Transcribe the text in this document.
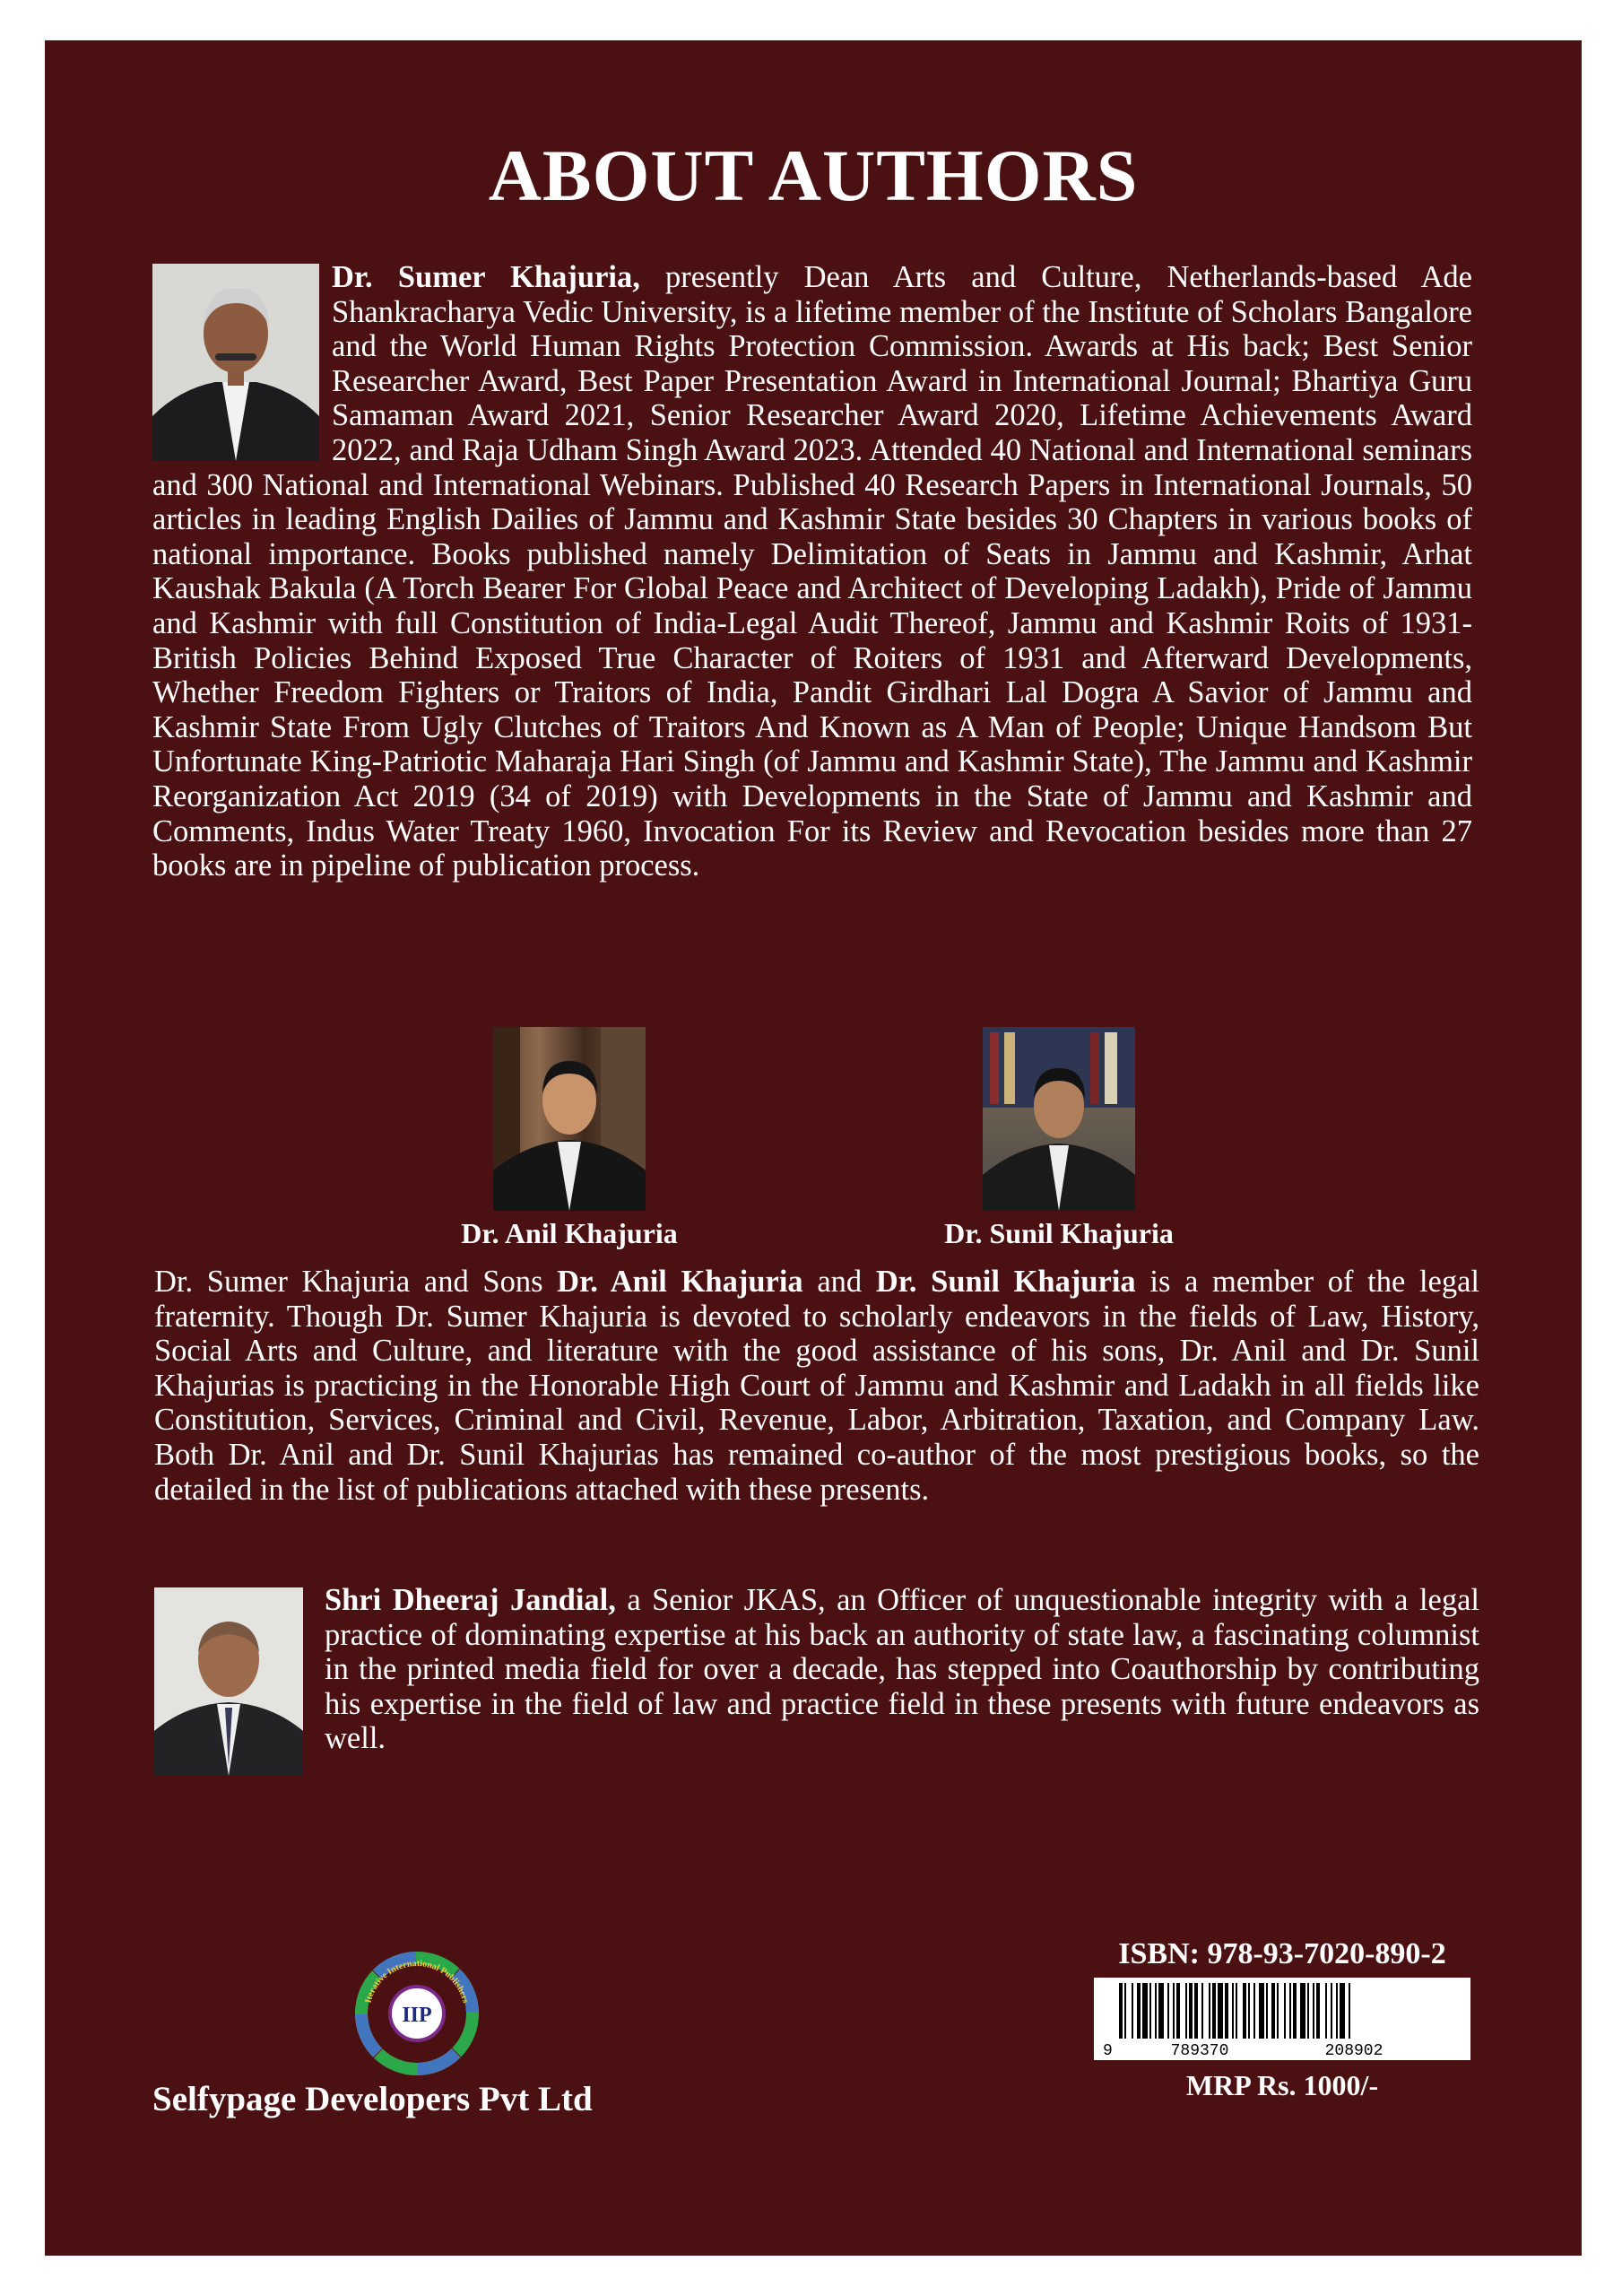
ABOUT AUTHORS

Dr. Sumer Khajuria, presently Dean Arts and Culture, Netherlands-based Ade Shankracharya Vedic University, is a lifetime member of the Institute of Scholars Bangalore and the World Human Rights Protection Commission. Awards at His back; Best Senior Researcher Award, Best Paper Presentation Award in International Journal; Bhartiya Guru Samaman Award 2021, Senior Researcher Award 2020, Lifetime Achievements Award 2022, and Raja Udham Singh Award 2023. Attended 40 National and International seminars and 300 National and International Webinars. Published 40 Research Papers in International Journals, 50 articles in leading English Dailies of Jammu and Kashmir State besides 30 Chapters in various books of national importance. Books published namely Delimitation of Seats in Jammu and Kashmir, Arhat Kaushak Bakula (A Torch Bearer For Global Peace and Architect of Developing Ladakh), Pride of Jammu and Kashmir with full Constitution of India-Legal Audit Thereof, Jammu and Kashmir Roits of 1931-British Policies Behind Exposed True Character of Roiters of 1931 and Afterward Developments, Whether Freedom Fighters or Traitors of India, Pandit Girdhari Lal Dogra A Savior of Jammu and Kashmir State From Ugly Clutches of Traitors And Known as A Man of People; Unique Handsom But Unfortunate King-Patriotic Maharaja Hari Singh (of Jammu and Kashmir State), The Jammu and Kashmir Reorganization Act 2019 (34 of 2019) with Developments in the State of Jammu and Kashmir and Comments, Indus Water Treaty 1960, Invocation For its Review and Revocation besides more than 27 books are in pipeline of publication process.

Dr. Anil Khajuria	Dr. Sunil Khajuria

Dr. Sumer Khajuria and Sons Dr. Anil Khajuria and Dr. Sunil Khajuria is a member of the legal fraternity. Though Dr. Sumer Khajuria is devoted to scholarly endeavors in the fields of Law, History, Social Arts and Culture, and literature with the good assistance of his sons, Dr. Anil and Dr. Sunil Khajurias is practicing in the Honorable High Court of Jammu and Kashmir and Ladakh in all fields like Constitution, Services, Criminal and Civil, Revenue, Labor, Arbitration, Taxation, and Company Law. Both Dr. Anil and Dr. Sunil Khajurias has remained co-author of the most prestigious books, so the detailed in the list of publications attached with these presents.

Shri Dheeraj Jandial, a Senior JKAS, an Officer of unquestionable integrity with a legal practice of dominating expertise at his back an authority of state law, a fascinating columnist in the printed media field for over a decade, has stepped into Coauthorship by contributing his expertise in the field of law and practice field in these presents with future endeavors as well.

IIP
Iterative International Publishers
Selfypage Developers Pvt Ltd
ISBN: 978-93-7020-890-2
9	789370	208902
MRP Rs. 1000/-
